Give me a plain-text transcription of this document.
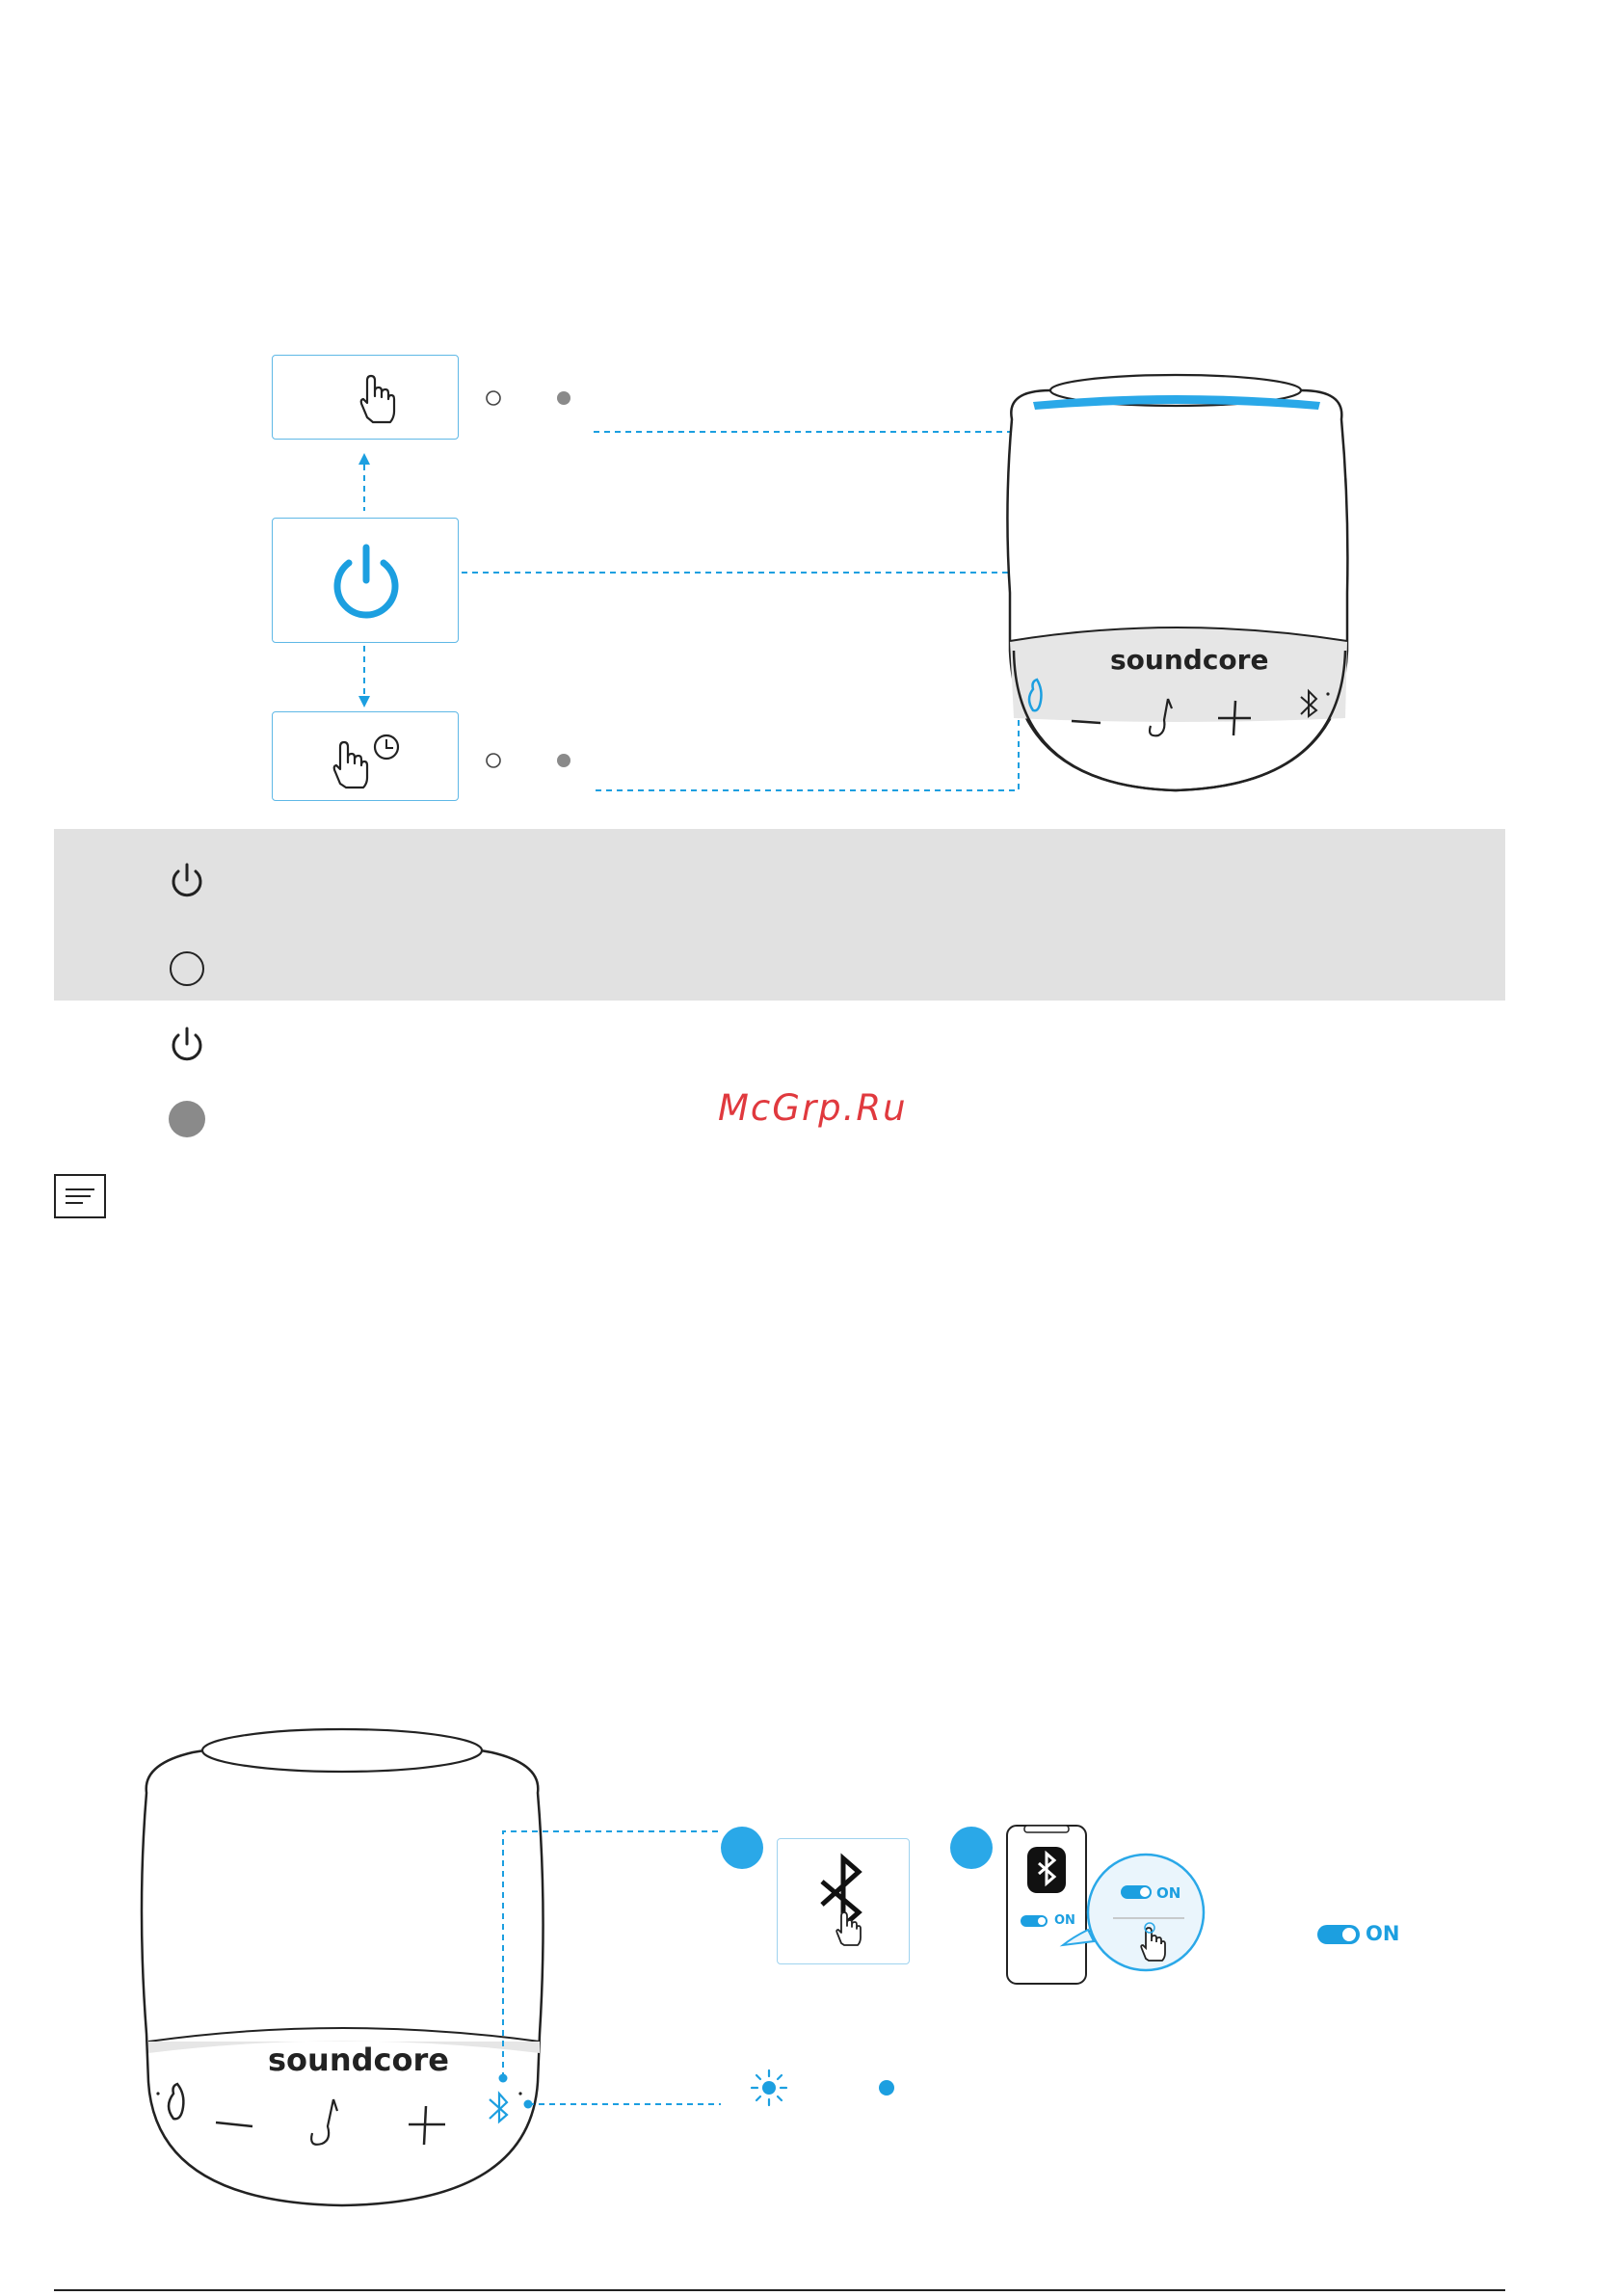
soundcore
McGrp.Ru
soundcore
ON
ON
ON
